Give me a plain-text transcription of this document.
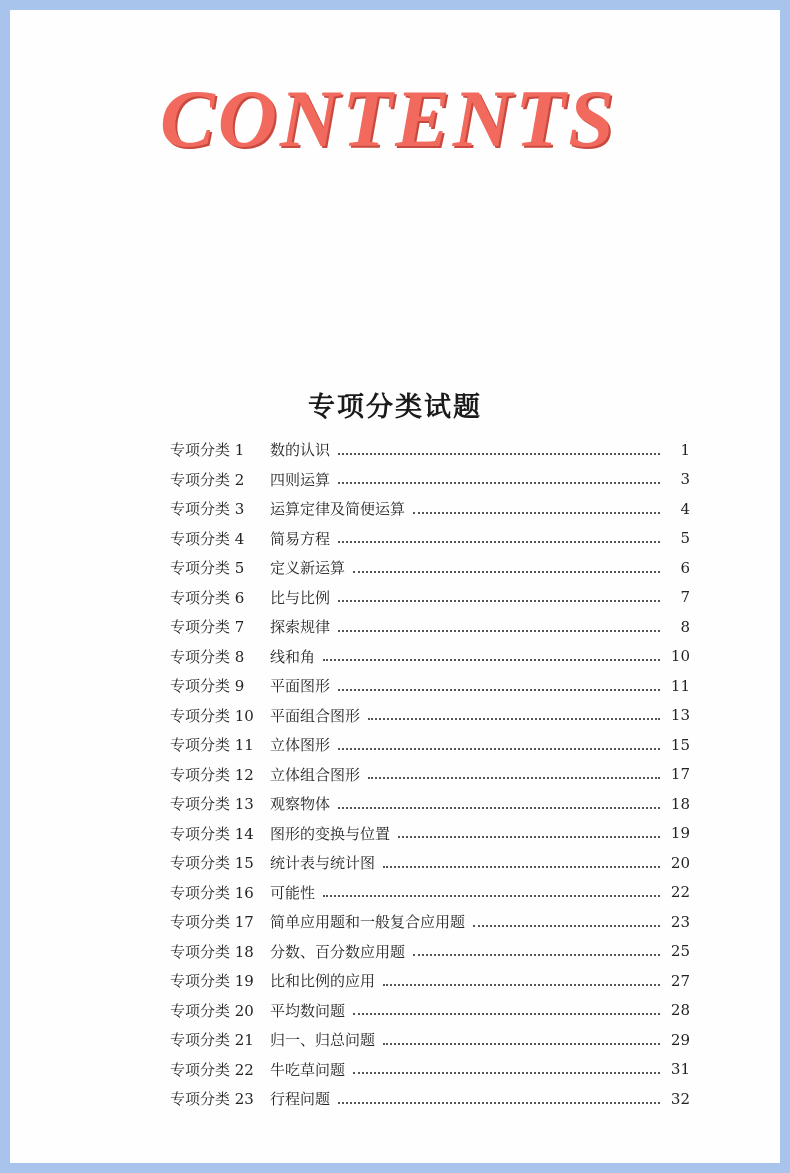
CONTENTS
专项分类试题
专项分类 1	数的认识	1
专项分类 2	四则运算	3
专项分类 3	运算定律及简便运算	4
专项分类 4	简易方程	5
专项分类 5	定义新运算	6
专项分类 6	比与比例	7
专项分类 7	探索规律	8
专项分类 8	线和角	10
专项分类 9	平面图形	11
专项分类 10	平面组合图形	13
专项分类 11	立体图形	15
专项分类 12	立体组合图形	17
专项分类 13	观察物体	18
专项分类 14	图形的变换与位置	19
专项分类 15	统计表与统计图	20
专项分类 16	可能性	22
专项分类 17	简单应用题和一般复合应用题	23
专项分类 18	分数、百分数应用题	25
专项分类 19	比和比例的应用	27
专项分类 20	平均数问题	28
专项分类 21	归一、归总问题	29
专项分类 22	牛吃草问题	31
专项分类 23	行程问题	32
